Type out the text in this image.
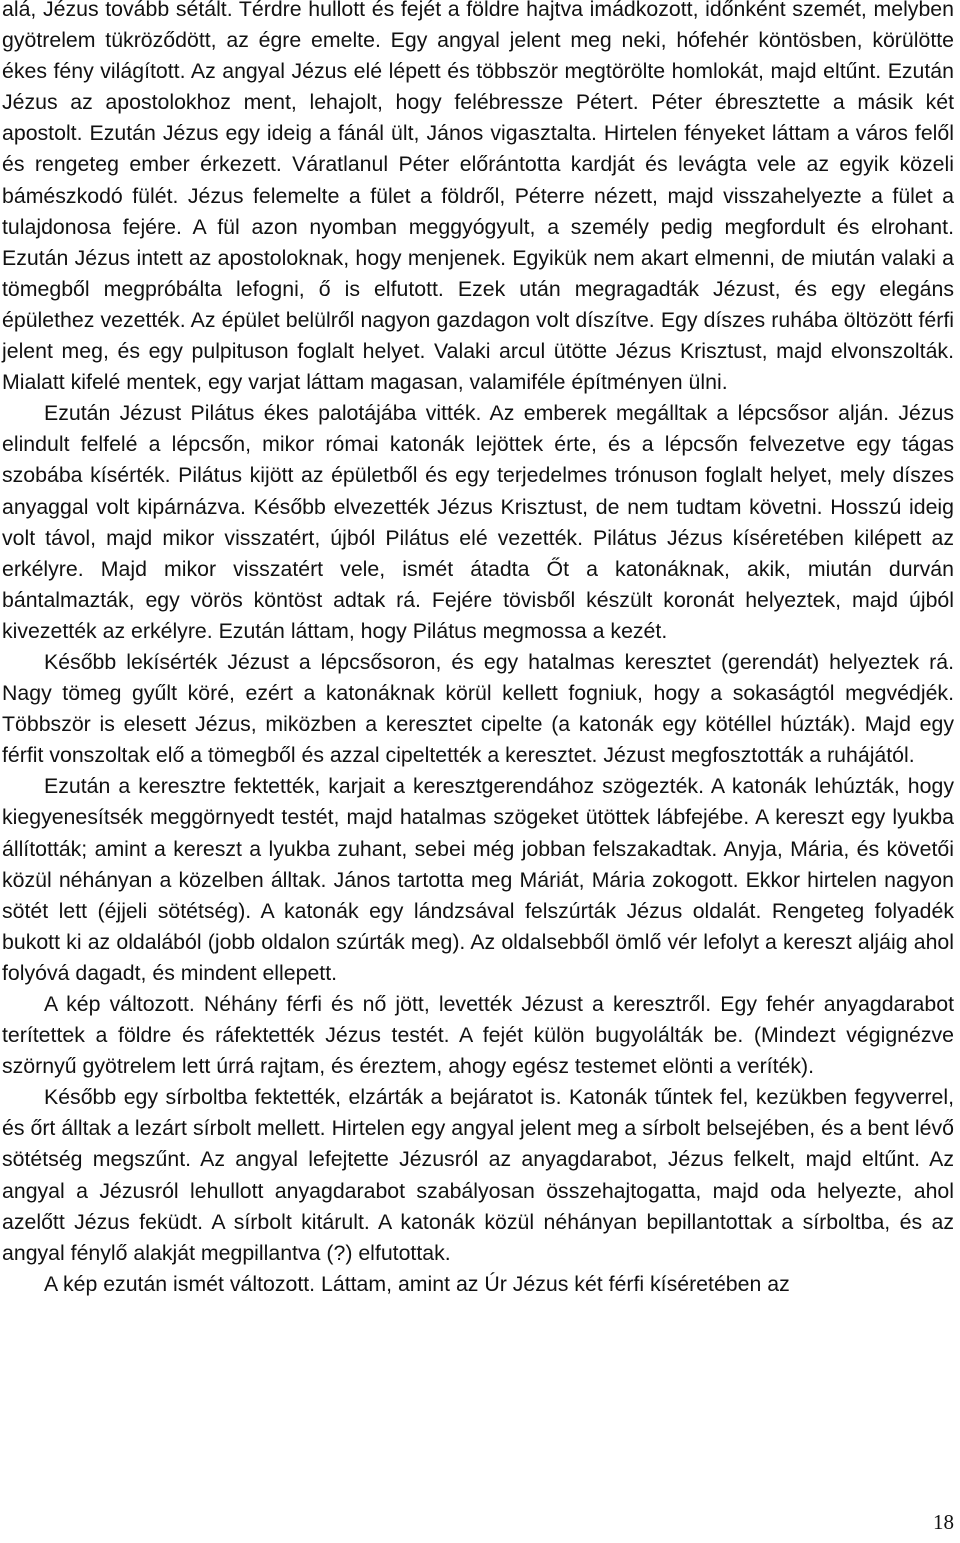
alá, Jézus tovább sétált. Térdre hullott és fejét a földre hajtva imádkozott, időnként szemét, melyben gyötrelem tükröződött, az égre emelte. Egy angyal jelent meg neki, hófehér köntösben, körülötte ékes fény világított. Az angyal Jézus elé lépett és többször megtörölte homlokát, majd eltűnt. Ezután Jézus az apostolokhoz ment, lehajolt, hogy felébressze Pétert. Péter ébresztette a másik két apostolt. Ezután Jézus egy ideig a fánál ült, János vigasztalta. Hirtelen fényeket láttam a város felől és rengeteg ember érkezett. Váratlanul Péter előrántotta kardját és levágta vele az egyik közeli bámészkodó fülét. Jézus felemelte a fület a földről, Péterre nézett, majd visszahelyezte a fület a tulajdonosa fejére. A fül azon nyomban meggyógyult, a személy pedig megfordult és elrohant. Ezután Jézus intett az apostoloknak, hogy menjenek. Egyikük nem akart elmenni, de miután valaki a tömegből megpróbálta lefogni, ő is elfutott. Ezek után megragadták Jézust, és egy elegáns épülethez vezették. Az épület belülről nagyon gazdagon volt díszítve. Egy díszes ruhába öltözött férfi jelent meg, és egy pulpituson foglalt helyet. Valaki arcul ütötte Jézus Krisztust, majd elvonszolták. Mialatt kifelé mentek, egy varjat láttam magasan, valamiféle építményen ülni.

Ezután Jézust Pilátus ékes palotájába vitték. Az emberek megálltak a lépcsősor alján. Jézus elindult felfelé a lépcsőn, mikor római katonák lejöttek érte, és a lépcsőn felvezetve egy tágas szobába kísérték. Pilátus kijött az épületből és egy terjedelmes trónuson foglalt helyet, mely díszes anyaggal volt kipárnázva. Később elvezették Jézus Krisztust, de nem tudtam követni. Hosszú ideig volt távol, majd mikor visszatért, újból Pilátus elé vezették. Pilátus Jézus kíséretében kilépett az erkélyre. Majd mikor visszatért vele, ismét átadta Őt a katonáknak, akik, miután durván bántalmazták, egy vörös köntöst adtak rá. Fejére tövisből készült koronát helyeztek, majd újból kivezették az erkélyre. Ezután láttam, hogy Pilátus megmossa a kezét.

Később lekísérték Jézust a lépcsősoron, és egy hatalmas keresztet (gerendát) helyeztek rá. Nagy tömeg gyűlt köré, ezért a katonáknak körül kellett fogniuk, hogy a sokaságtól megvédjék. Többször is elesett Jézus, miközben a keresztet cipelte (a katonák egy kötéllel húzták). Majd egy férfit vonszoltak elő a tömegből és azzal cipeltették a keresztet. Jézust megfosztották a ruhájától.

Ezután a keresztre fektették, karjait a keresztgerendához szögezték. A katonák lehúzták, hogy kiegyenesítsék meggörnyedt testét, majd hatalmas szögeket ütöttek lábfejébe. A kereszt egy lyukba állították; amint a kereszt a lyukba zuhant, sebei még jobban felszakadtak. Anyja, Mária, és követői közül néhányan a közelben álltak. János tartotta meg Máriát, Mária zokogott. Ekkor hirtelen nagyon sötét lett (éjjeli sötétség). A katonák egy lándzsával felszúrták Jézus oldalát. Rengeteg folyadék bukott ki az oldalából (jobb oldalon szúrták meg). Az oldalsebből ömlő vér lefolyt a kereszt aljáig ahol folyóvá dagadt, és mindent ellepett.

A kép változott. Néhány férfi és nő jött, levették Jézust a keresztről. Egy fehér anyagdarabot terítettek a földre és ráfektették Jézus testét. A fejét külön bugyolálták be. (Mindezt végignézve szörnyű gyötrelem lett úrrá rajtam, és éreztem, ahogy egész testemet elönti a veríték).

Később egy sírboltba fektették, elzárták a bejáratot is. Katonák tűntek fel, kezükben fegyverrel, és őrt álltak a lezárt sírbolt mellett. Hirtelen egy angyal jelent meg a sírbolt belsejében, és a bent lévő sötétség megszűnt. Az angyal lefejtette Jézusról az anyagdarabot, Jézus felkelt, majd eltűnt. Az angyal a Jézusról lehullott anyagdarabot szabályosan összehajtogatta, majd oda helyezte, ahol azelőtt Jézus feküdt. A sírbolt kitárult. A katonák közül néhányan bepillantottak a sírboltba, és az angyal fénylő alakját megpillantva (?) elfutottak.

A kép ezután ismét változott. Láttam, amint az Úr Jézus két férfi kíséretében az

18
